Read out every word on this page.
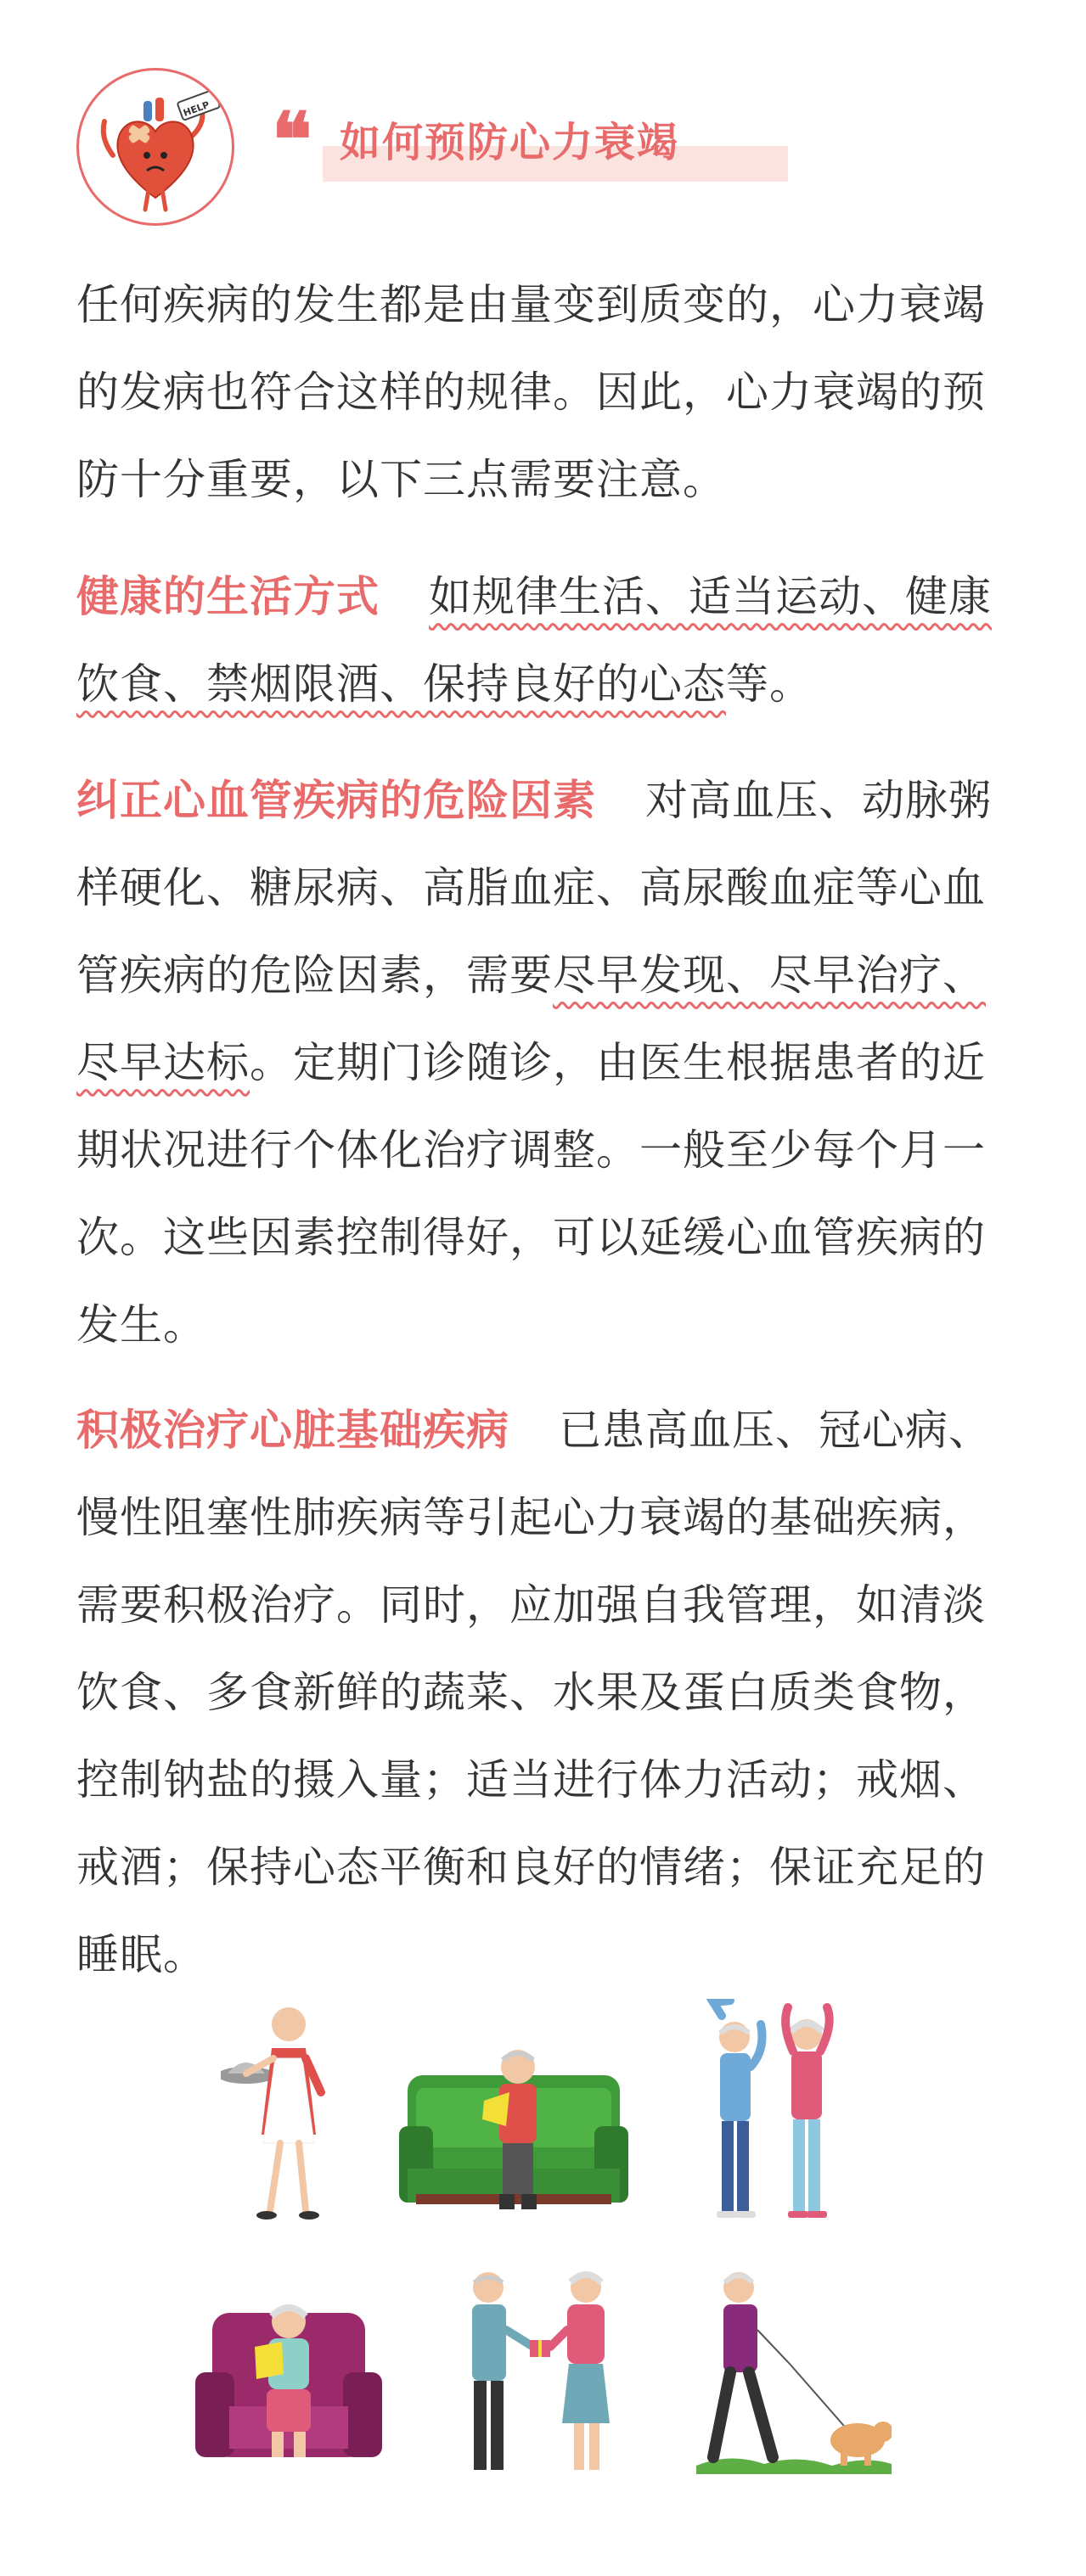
HELP ❝ 如何预防心力衰竭

任何疾病的发生都是由量变到质变的，心力衰竭的发病也符合这样的规律。因此，心力衰竭的预防十分重要，以下三点需要注意。

健康的生活方式 如规律生活、适当运动、健康饮食、禁烟限酒、保持良好的心态等。

纠正心血管疾病的危险因素 对高血压、动脉粥样硬化、糖尿病、高脂血症、高尿酸血症等心血管疾病的危险因素，需要尽早发现、尽早治疗、尽早达标。定期门诊随诊，由医生根据患者的近期状况进行个体化治疗调整。一般至少每个月一次。这些因素控制得好，可以延缓心血管疾病的发生。

积极治疗心脏基础疾病 已患高血压、冠心病、慢性阻塞性肺疾病等引起心力衰竭的基础疾病，需要积极治疗。同时，应加强自我管理，如清淡饮食、多食新鲜的蔬菜、水果及蛋白质类食物，控制钠盐的摄入量；适当进行体力活动；戒烟、戒酒；保持心态平衡和良好的情绪；保证充足的睡眠。
